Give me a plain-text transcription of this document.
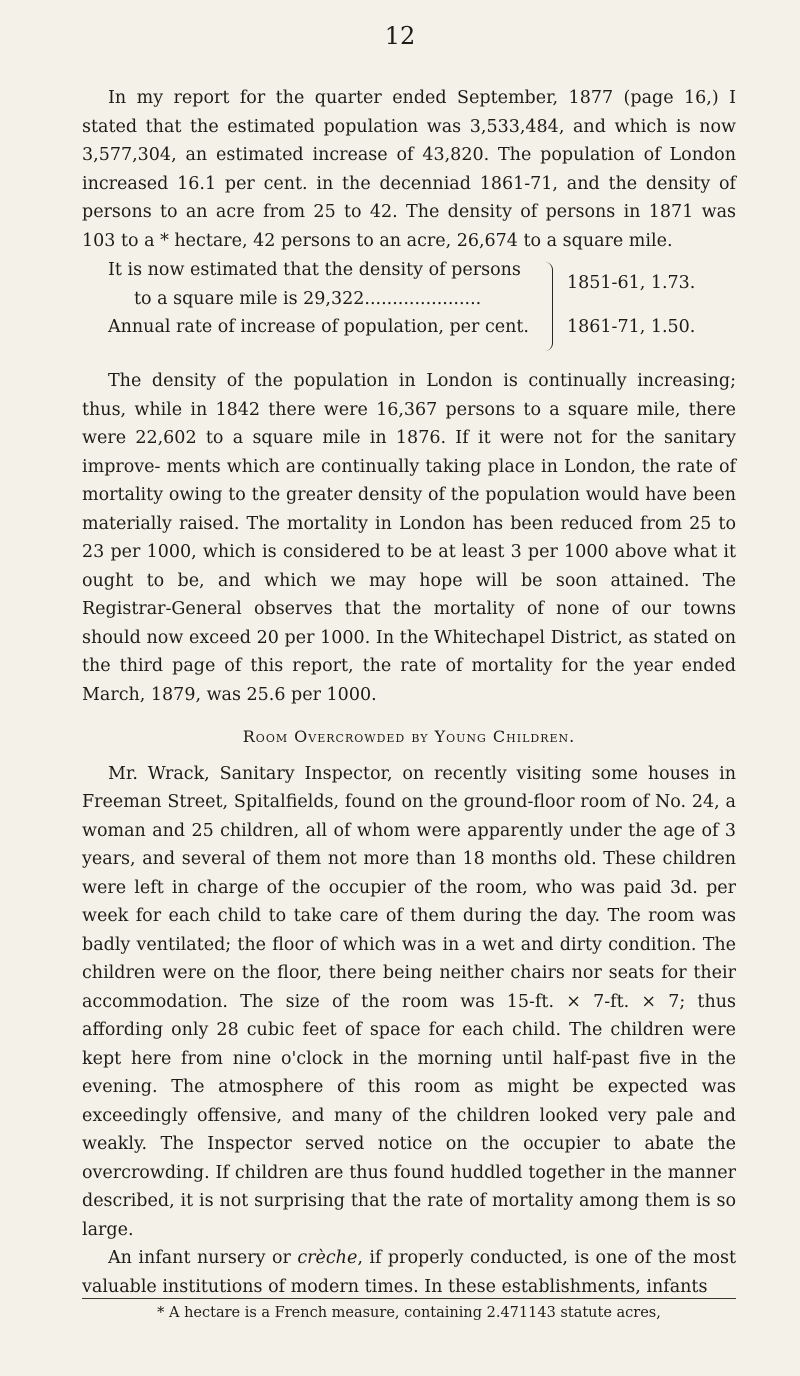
12

In my report for the quarter ended September, 1877 (page 16,) I stated that the estimated population was 3,533,484, and which is now 3,577,304, an estimated increase of 43,820. The population of London increased 16.1 per cent. in the decenniad 1861-71, and the density of persons to an acre from 25 to 42. The density of persons in 1871 was 103 to a * hectare, 42 persons to an acre, 26,674 to a square mile.

It is now estimated that the density of persons
to a square mile is 29,322.....................
Annual rate of increase of population, per cent.
1851-61, 1.73.
1861-71, 1.50.

The density of the population in London is continually increasing; thus, while in 1842 there were 16,367 persons to a square mile, there were 22,602 to a square mile in 1876. If it were not for the sanitary improve- ments which are continually taking place in London, the rate of mortality owing to the greater density of the population would have been materially raised. The mortality in London has been reduced from 25 to 23 per 1000, which is considered to be at least 3 per 1000 above what it ought to be, and which we may hope will be soon attained. The Registrar-General observes that the mortality of none of our towns should now exceed 20 per 1000. In the Whitechapel District, as stated on the third page of this report, the rate of mortality for the year ended March, 1879, was 25.6 per 1000.

Room Overcrowded by Young Children.

Mr. Wrack, Sanitary Inspector, on recently visiting some houses in Freeman Street, Spitalfields, found on the ground-floor room of No. 24, a woman and 25 children, all of whom were apparently under the age of 3 years, and several of them not more than 18 months old. These children were left in charge of the occupier of the room, who was paid 3d. per week for each child to take care of them during the day. The room was badly ventilated; the floor of which was in a wet and dirty condition. The children were on the floor, there being neither chairs nor seats for their accommodation. The size of the room was 15-ft. × 7-ft. × 7; thus affording only 28 cubic feet of space for each child. The children were kept here from nine o'clock in the morning until half-past five in the evening. The atmosphere of this room as might be expected was exceedingly offensive, and many of the children looked very pale and weakly. The Inspector served notice on the occupier to abate the overcrowding. If children are thus found huddled together in the manner described, it is not surprising that the rate of mortality among them is so large.

An infant nursery or crèche, if properly conducted, is one of the most valuable institutions of modern times. In these establishments, infants

* A hectare is a French measure, containing 2.471143 statute acres,
